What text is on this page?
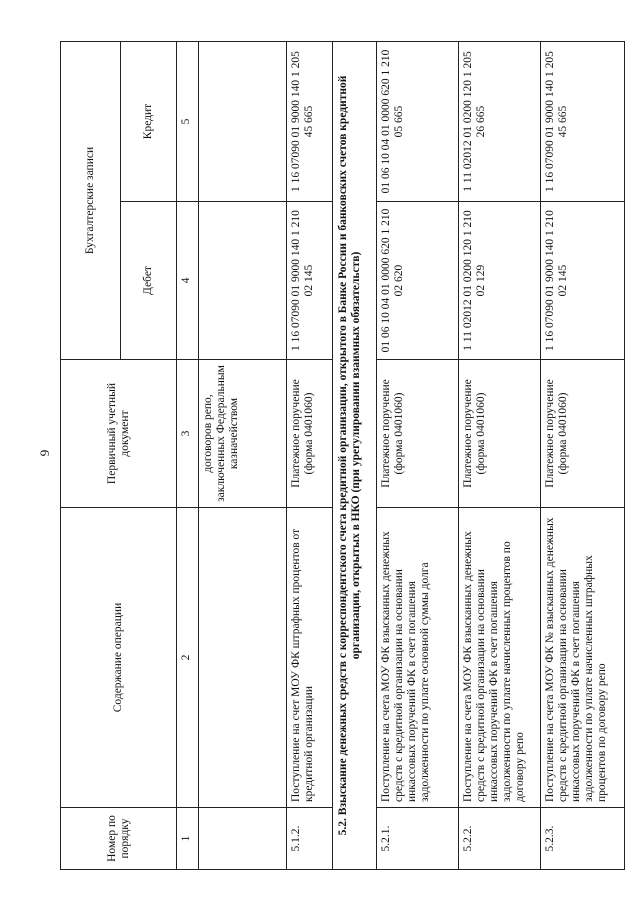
9
Номер по порядку	Содержание операции	Первичный учетный документ	Бухгалтерские записи	
			Дебет	Кредит
1	2	3	4	5
		договоров репо, заключенных Федеральным казначейством		
5.1.2.	Поступление на счет МОУ ФК штрафных процентов от кредитной организации	Платежное поручение (форма 0401060)	1 16 07090 01 9000 140 1 210 02 145	1 16 07090 01 9000 140 1 205 45 665
5.2. Взыскание денежных средств с корреспондентского счета кредитной организации, открытого в Банке России и банковских счетов кредитной организации, открытых в НКО (при урегулировании взаимных обязательств)				
5.2.1.	Поступление на счета МОУ ФК взысканных денежных средств с кредитной организации на основании инкассовых поручений ФК в счет погашения задолженности по уплате основной суммы долга	Платежное поручение (форма 0401060)	01 06 10 04 01 0000 620 1 210 02 620	01 06 10 04 01 0000 620 1 210 05 665
5.2.2.	Поступление на счета МОУ ФК взысканных денежных средств с кредитной организации на основании инкассовых поручений ФК в счет погашения задолженности по уплате начисленных процентов по договору репо	Платежное поручение (форма 0401060)	1 11 02012 01 0200 120 1 210 02 129	1 11 02012 01 0200 120 1 205 26 665
5.2.3.	Поступление на счета МОУ ФК № взысканных денежных средств с кредитной организации на основании инкассовых поручений ФК в счет погашения задолженности по уплате начисленных штрафных процентов по договору репо	Платежное поручение (форма 0401060)	1 16 07090 01 9000 140 1 210 02 145	1 16 07090 01 9000 140 1 205 45 665
